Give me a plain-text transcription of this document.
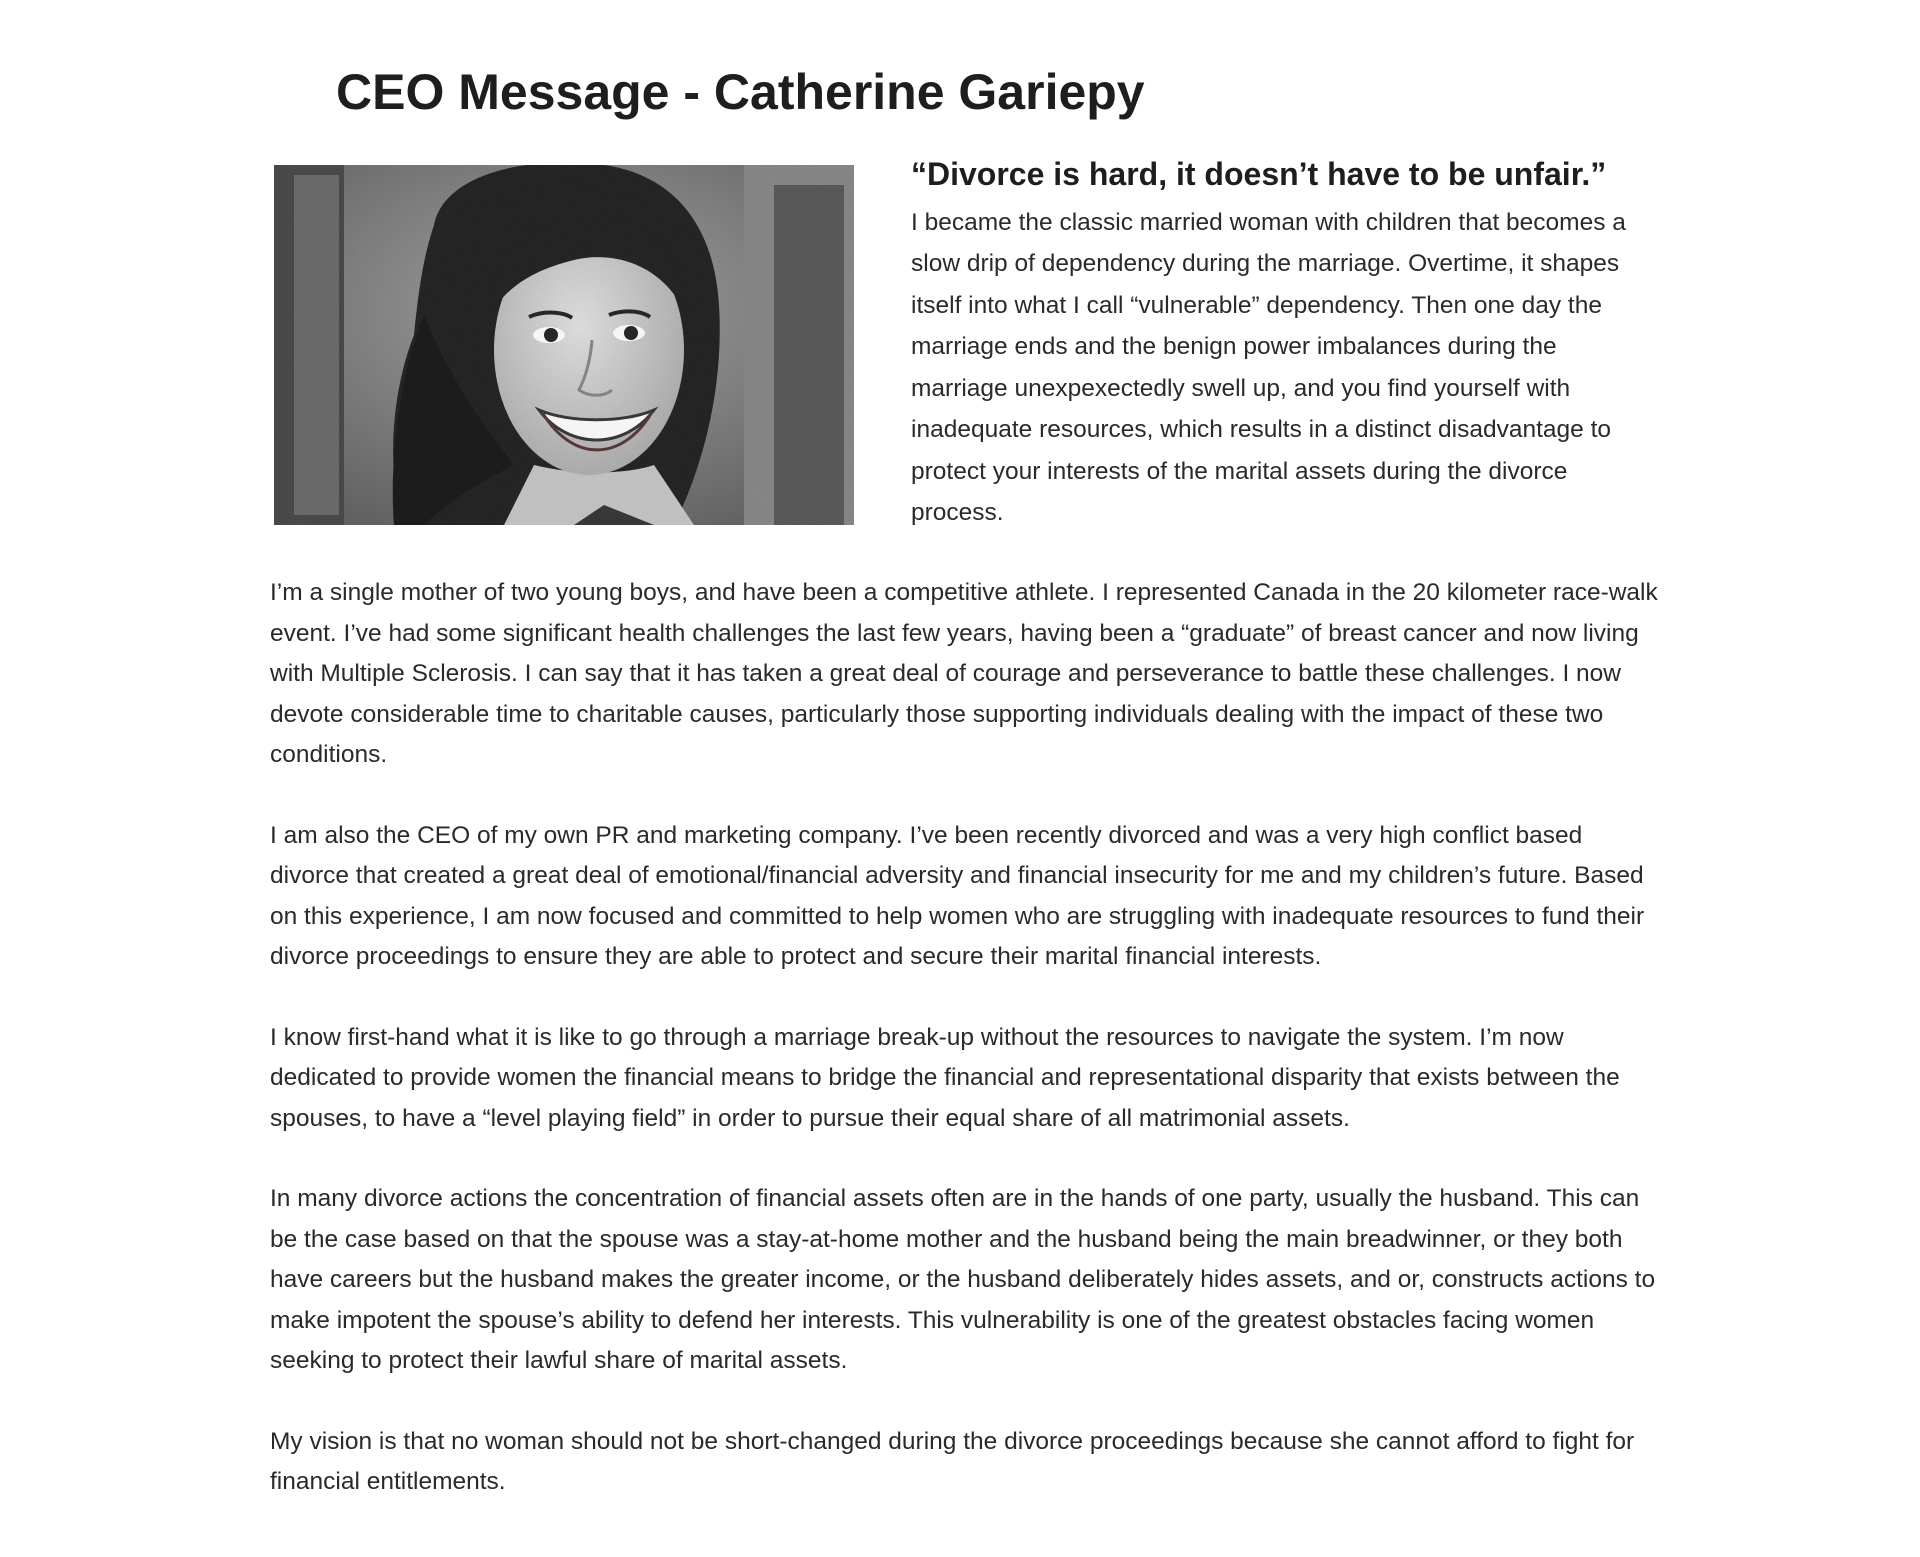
CEO Message - Catherine Gariepy
“Divorce is hard, it doesn’t have to be unfair.”

I became the classic married woman with children that becomes a slow drip of dependency during the marriage. Overtime, it shapes itself into what I call “vulnerable” dependency. Then one day the marriage ends and the benign power imbalances during the marriage unexpexectedly swell up, and you find yourself with inadequate resources, which results in a distinct disadvantage to protect your interests of the marital assets during the divorce process.

I’m a single mother of two young boys, and have been a competitive athlete. I represented Canada in the 20 kilometer race-walk event. I’ve had some significant health challenges the last few years, having been a “graduate” of breast cancer and now living with Multiple Sclerosis. I can say that it has taken a great deal of courage and perseverance to battle these challenges. I now devote considerable time to charitable causes, particularly those supporting individuals dealing with the impact of these two conditions.

I am also the CEO of my own PR and marketing company. I’ve been recently divorced and was a very high conflict based divorce that created a great deal of emotional/financial adversity and financial insecurity for me and my children’s future. Based on this experience, I am now focused and committed to help women who are struggling with inadequate resources to fund their divorce proceedings to ensure they are able to protect and secure their marital financial interests.

I know first-hand what it is like to go through a marriage break-up without the resources to navigate the system. I’m now dedicated to provide women the financial means to bridge the financial and representational disparity that exists between the spouses, to have a “level playing field” in order to pursue their equal share of all matrimonial assets.

In many divorce actions the concentration of financial assets often are in the hands of one party, usually the husband. This can be the case based on that the spouse was a stay-at-home mother and the husband being the main breadwinner, or they both have careers but the husband makes the greater income, or the husband deliberately hides assets, and or, constructs actions to make impotent the spouse’s ability to defend her interests. This vulnerability is one of the greatest obstacles facing women seeking to protect their lawful share of marital assets.

My vision is that no woman should not be short-changed during the divorce proceedings because she cannot afford to fight for financial entitlements.
